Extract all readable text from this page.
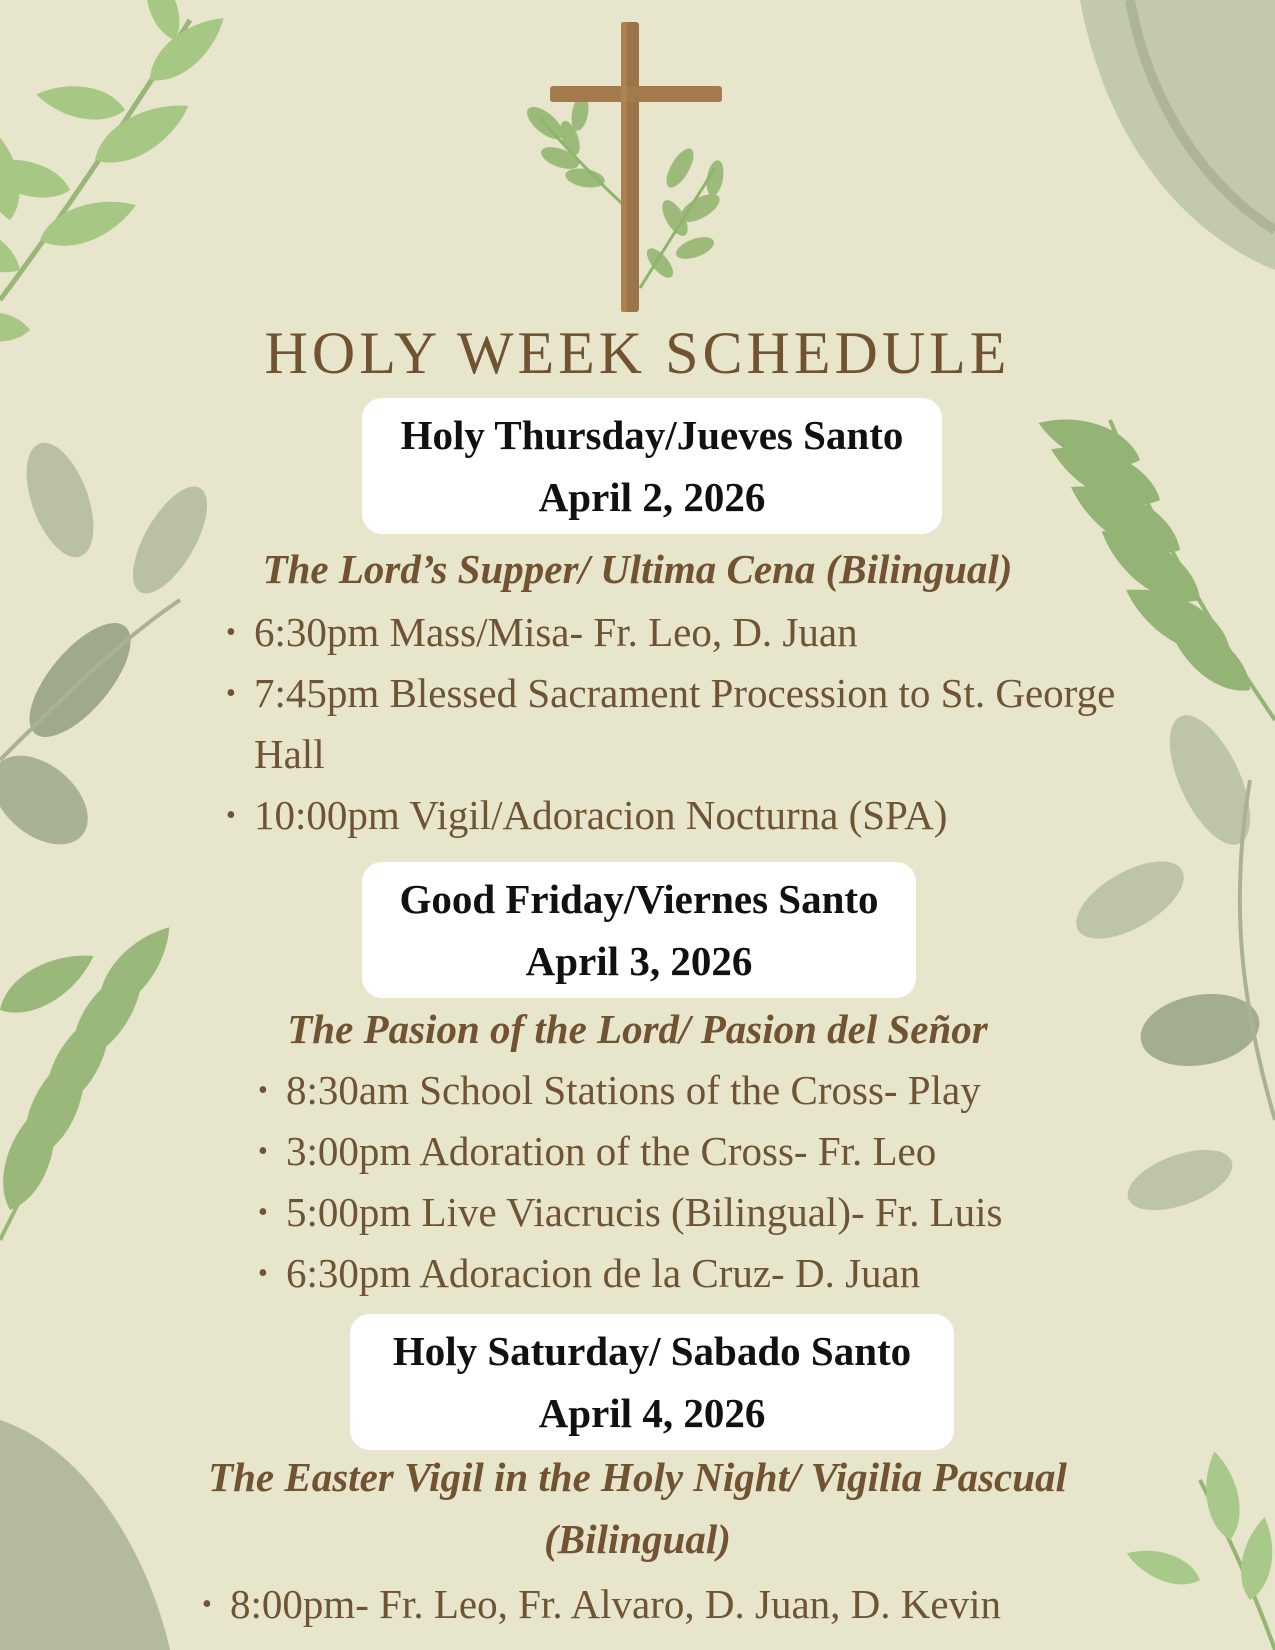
HOLY WEEK SCHEDULE
Holy Thursday/Jueves Santo
April 2, 2026
The Lord’s Supper/ Ultima Cena (Bilingual)
• 6:30pm Mass/Misa- Fr. Leo, D. Juan
• 7:45pm Blessed Sacrament Procession to St. George Hall
• 10:00pm Vigil/Adoracion Nocturna (SPA)
Good Friday/Viernes Santo
April 3, 2026
The Pasion of the Lord/ Pasion del Señor
• 8:30am School Stations of the Cross- Play
• 3:00pm Adoration of the Cross- Fr. Leo
• 5:00pm Live Viacrucis (Bilingual)- Fr. Luis
• 6:30pm Adoracion de la Cruz- D. Juan
Holy Saturday/ Sabado Santo
April 4, 2026
The Easter Vigil in the Holy Night/ Vigilia Pascual (Bilingual)
• 8:00pm- Fr. Leo, Fr. Alvaro, D. Juan, D. Kevin
